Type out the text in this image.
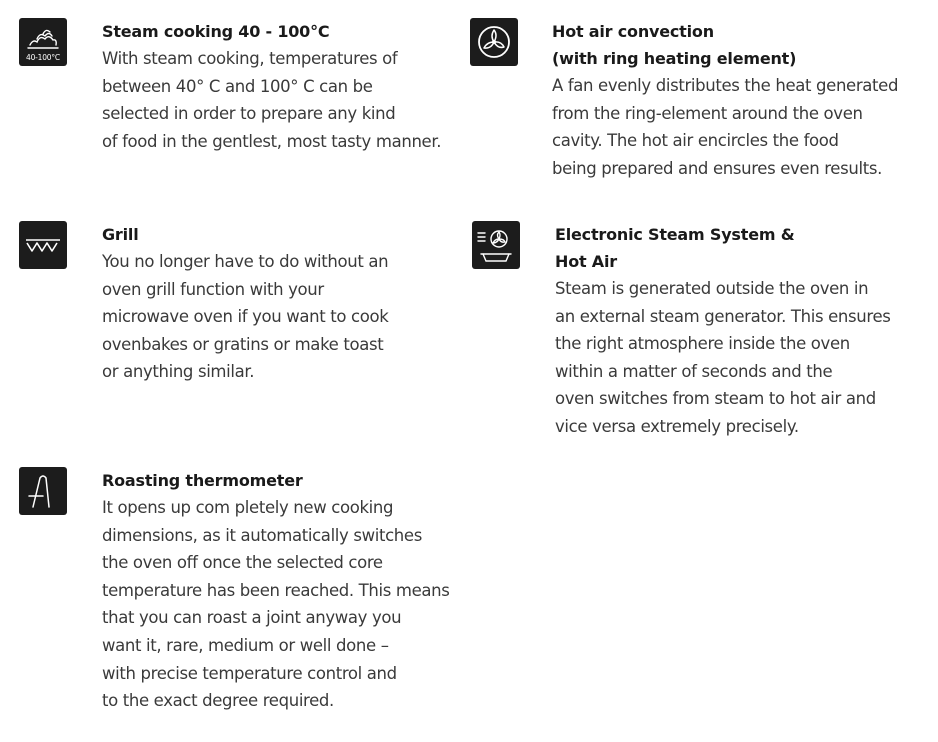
40-100°C
Steam cooking 40 - 100°C
With steam cooking, temperatures of
between 40° C and 100° C can be
selected in order to prepare any kind
of food in the gentlest, most tasty manner.
Hot air convection
(with ring heating element)
A fan evenly distributes the heat generated
from the ring-element around the oven
cavity. The hot air encircles the food
being prepared and ensures even results.
Grill
You no longer have to do without an
oven grill function with your
microwave oven if you want to cook
ovenbakes or gratins or make toast
or anything similar.
Electronic Steam System &
Hot Air
Steam is generated outside the oven in
an external steam generator. This ensures
the right atmosphere inside the oven
within a matter of seconds and the
oven switches from steam to hot air and
vice versa extremely precisely.
Roasting thermometer
It opens up com pletely new cooking
dimensions, as it automatically switches
the oven off once the selected core
temperature has been reached. This means
that you can roast a joint anyway you
want it, rare, medium or well done –
with precise temperature control and
to the exact degree required.
